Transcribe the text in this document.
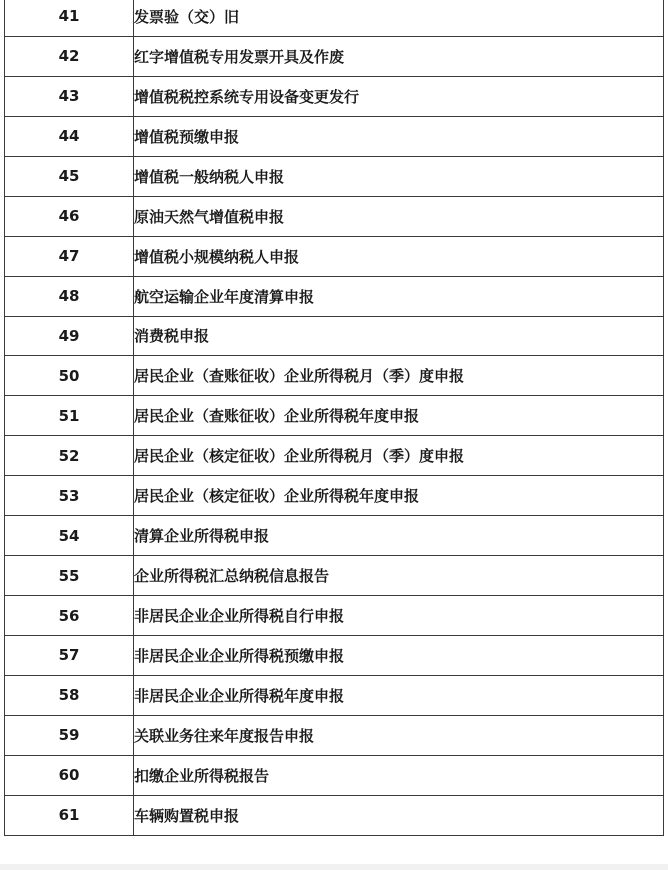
41	发票验（交）旧
42	红字增值税专用发票开具及作废
43	增值税税控系统专用设备变更发行
44	增值税预缴申报
45	增值税一般纳税人申报
46	原油天然气增值税申报
47	增值税小规模纳税人申报
48	航空运输企业年度清算申报
49	消费税申报
50	居民企业（查账征收）企业所得税月（季）度申报
51	居民企业（查账征收）企业所得税年度申报
52	居民企业（核定征收）企业所得税月（季）度申报
53	居民企业（核定征收）企业所得税年度申报
54	清算企业所得税申报
55	企业所得税汇总纳税信息报告
56	非居民企业企业所得税自行申报
57	非居民企业企业所得税预缴申报
58	非居民企业企业所得税年度申报
59	关联业务往来年度报告申报
60	扣缴企业所得税报告
61	车辆购置税申报
